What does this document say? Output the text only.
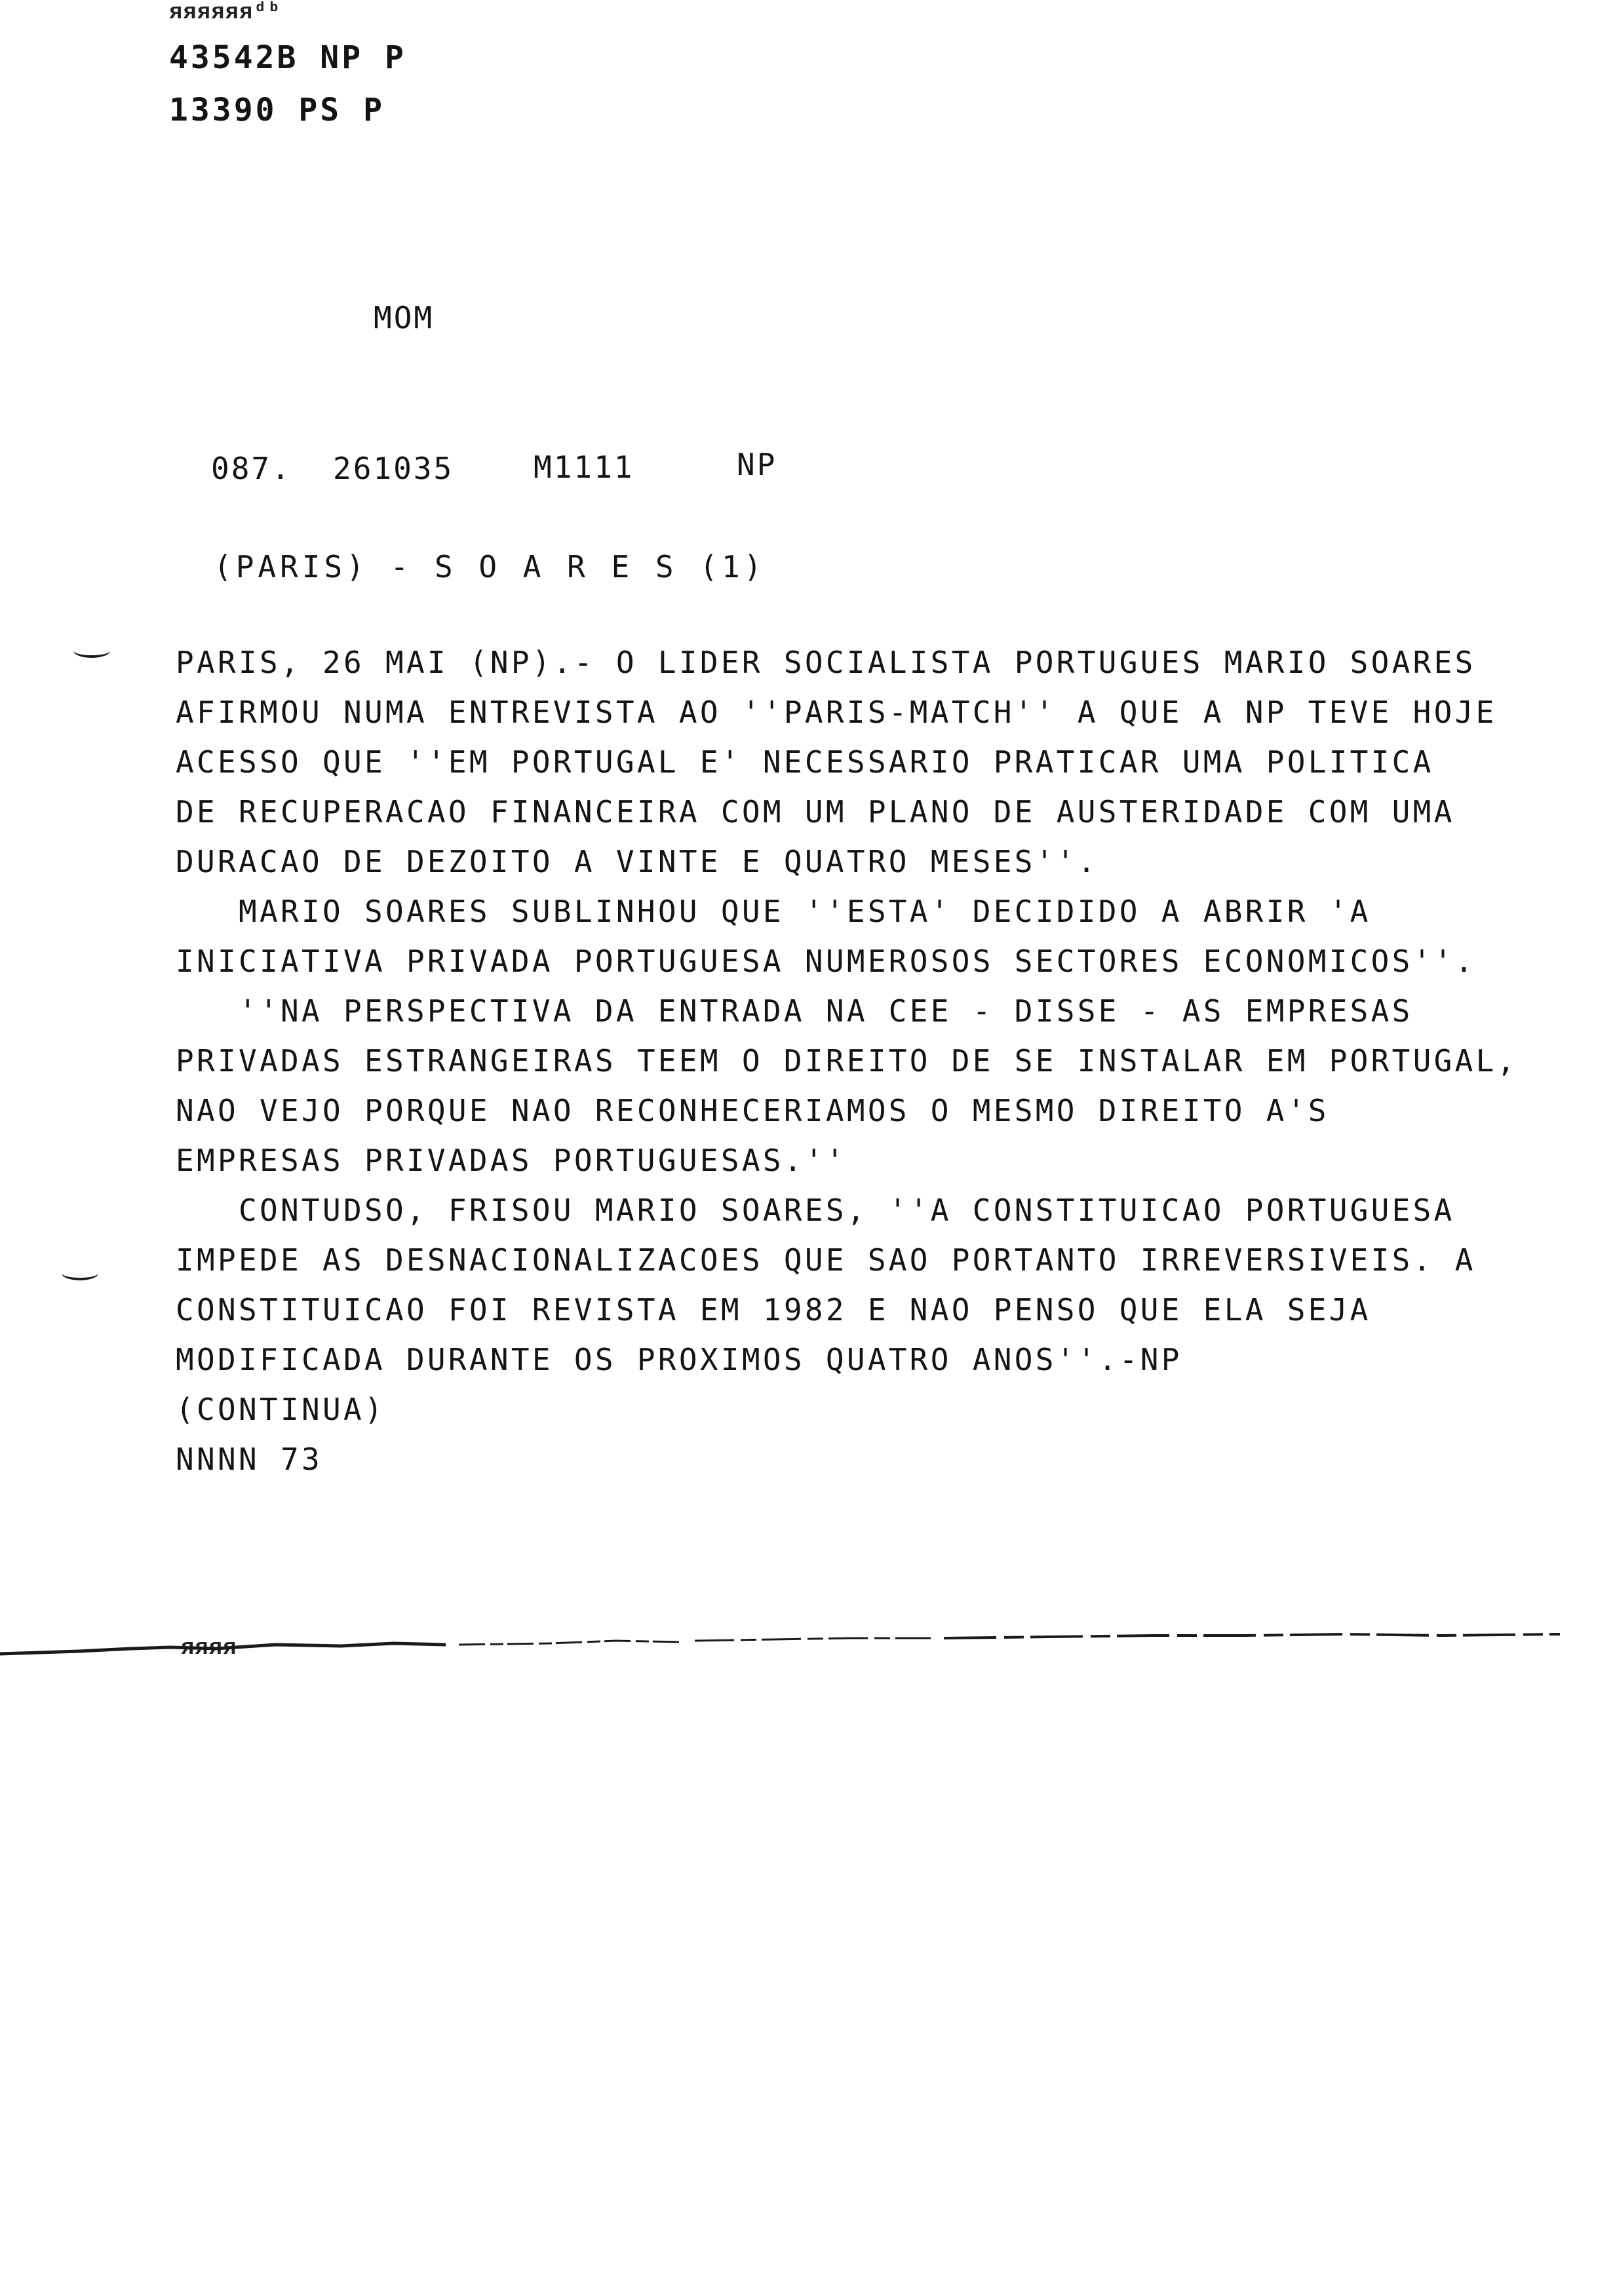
ᴙᴙᴙᴙᴙᴙᵈᵇ
43542B NP P
13390 PS P
MOM
087. 261035	M1111	NP
(PARIS) - S O A R E S (1)
PARIS, 26 MAI (NP).- O LIDER SOCIALISTA PORTUGUES MARIO SOARES
AFIRMOU NUMA ENTREVISTA AO ''PARIS-MATCH'' A QUE A NP TEVE HOJE
ACESSO QUE ''EM PORTUGAL E' NECESSARIO PRATICAR UMA POLITICA
DE RECUPERACAO FINANCEIRA COM UM PLANO DE AUSTERIDADE COM UMA
DURACAO DE DEZOITO A VINTE E QUATRO MESES''.
MARIO SOARES SUBLINHOU QUE ''ESTA' DECIDIDO A ABRIR 'A
INICIATIVA PRIVADA PORTUGUESA NUMEROSOS SECTORES ECONOMICOS''.
''NA PERSPECTIVA DA ENTRADA NA CEE - DISSE - AS EMPRESAS
PRIVADAS ESTRANGEIRAS TEEM O DIREITO DE SE INSTALAR EM PORTUGAL,
NAO VEJO PORQUE NAO RECONHECERIAMOS O MESMO DIREITO A'S
EMPRESAS PRIVADAS PORTUGUESAS.''
CONTUDSO, FRISOU MARIO SOARES, ''A CONSTITUICAO PORTUGUESA
IMPEDE AS DESNACIONALIZACOES QUE SAO PORTANTO IRREVERSIVEIS. A
CONSTITUICAO FOI REVISTA EM 1982 E NAO PENSO QUE ELA SEJA
MODIFICADA DURANTE OS PROXIMOS QUATRO ANOS''.-NP
(CONTINUA)
NNNN 73
ᴙᴙᴙᴙ
